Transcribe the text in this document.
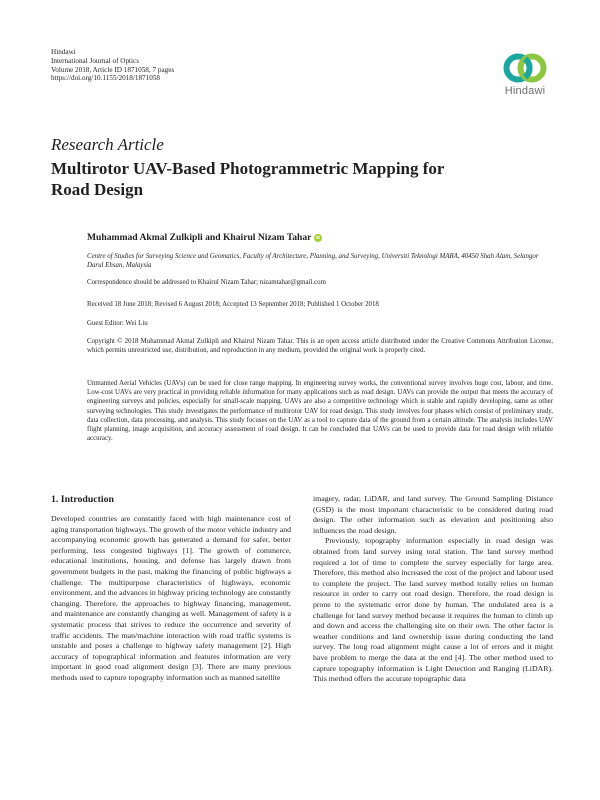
Hindawi
International Journal of Optics
Volume 2018, Article ID 1871058, 7 pages
https://doi.org/10.1155/2018/1871058
Hindawi
Research Article
Multirotor UAV-Based Photogrammetric Mapping for Road Design
Muhammad Akmal Zulkipli and Khairul Nizam Tahar
iD
Centre of Studies for Surveying Science and Geomatics, Faculty of Architecture, Planning, and Surveying, Universiti Teknologi MARA, 40450 Shah Alam, Selangor Darul Ehsan, Malaysia
Correspondence should be addressed to Khairul Nizam Tahar; nizamtahar@gmail.com
Received 18 June 2018; Revised 6 August 2018; Accepted 13 September 2018; Published 1 October 2018
Guest Editor: Wei Liu
Copyright © 2018 Muhammad Akmal Zulkipli and Khairul Nizam Tahar. This is an open access article distributed under the Creative Commons Attribution License, which permits unrestricted use, distribution, and reproduction in any medium, provided the original work is properly cited.
Unmanned Aerial Vehicles (UAVs) can be used for close range mapping. In engineering survey works, the conventional survey involves huge cost, labour, and time. Low-cost UAVs are very practical in providing reliable information for many applications such as road design. UAVs can provide the output that meets the accuracy of engineering surveys and policies, especially for small-scale mapping. UAVs are also a competitive technology which is stable and rapidly developing, same as other surveying technologies. This study investigates the performance of multirotor UAV for road design. This study involves four phases which consist of preliminary study, data collection, data processing, and analysis. This study focuses on the UAV as a tool to capture data of the ground from a certain altitude. The analysis includes UAV flight planning, image acquisition, and accuracy assessment of road design. It can be concluded that UAVs can be used to provide data for road design with reliable accuracy.
1. Introduction

Developed countries are constantly faced with high maintenance cost of aging transportation highways. The growth of the motor vehicle industry and accompanying economic growth has generated a demand for safer, better performing, less congested highways [1]. The growth of commerce, educational institutions, housing, and defense has largely drawn from government budgets in the past, making the financing of public highways a challenge. The multipurpose characteristics of highways, economic environment, and the advances in highway pricing technology are constantly changing. Therefore, the approaches to highway financing, management, and maintenance are constantly changing as well. Management of safety is a systematic process that strives to reduce the occurrence and severity of traffic accidents. The man/machine interaction with road traffic systems is unstable and poses a challenge to highway safety management [2]. High accuracy of topographical information and features information are very important in good road alignment design [3]. There are many previous methods used to capture topography information such as manned satellite

imagery, radar, LiDAR, and land survey. The Ground Sampling Distance (GSD) is the most important characteristic to be considered during road design. The other information such as elevation and positioning also influences the road design.

Previously, topography information especially in road design was obtained from land survey using total station. The land survey method required a lot of time to complete the survey especially for large area. Therefore, this method also increased the cost of the project and labour used to complete the project. The land survey method totally relies on human resource in order to carry out road design. Therefore, the road design is prone to the systematic error done by human. The undulated area is a challenge for land survey method because it requires the human to climb up and down and access the challenging site on their own. The other factor is weather conditions and land ownership issue during conducting the land survey. The long road alignment might cause a lot of errors and it might have problem to merge the data at the end [4]. The other method used to capture topography information is Light Detection and Ranging (LiDAR). This method offers the accurate topographic data
